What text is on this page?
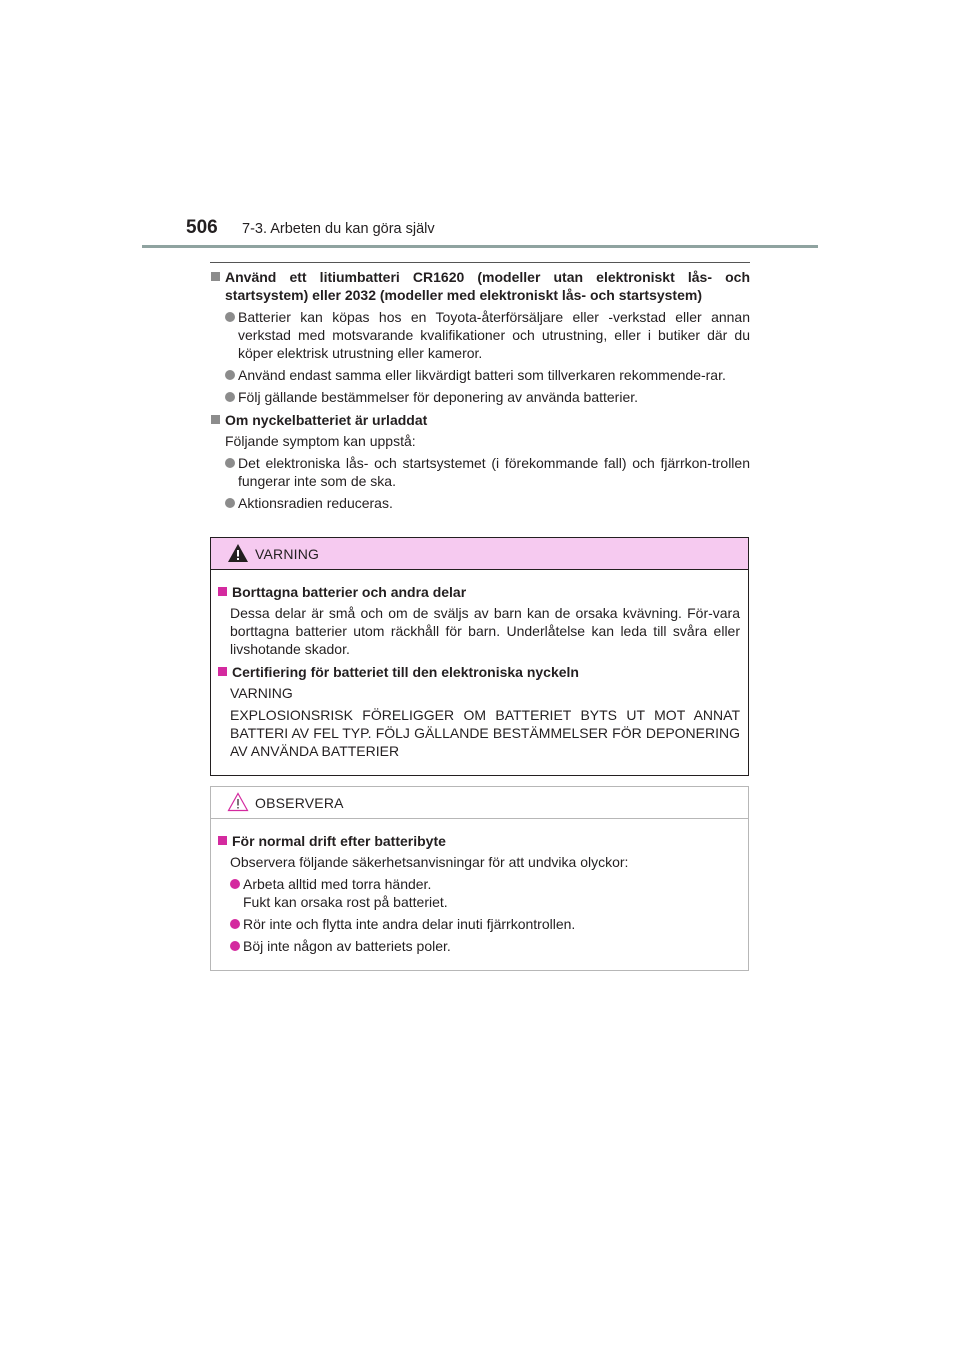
506 7-3. Arbeten du kan göra själv
Använd ett litiumbatteri CR1620 (modeller utan elektroniskt lås- och startsystem) eller 2032 (modeller med elektroniskt lås- och startsystem)
Batterier kan köpas hos en Toyota-återförsäljare eller -verkstad eller annan verkstad med motsvarande kvalifikationer och utrustning, eller i butiker där du köper elektrisk utrustning eller kameror.
Använd endast samma eller likvärdigt batteri som tillverkaren rekommende-rar.
Följ gällande bestämmelser för deponering av använda batterier.
Om nyckelbatteriet är urladdat
Följande symptom kan uppstå:
Det elektroniska lås- och startsystemet (i förekommande fall) och fjärrkon-trollen fungerar inte som de ska.
Aktionsradien reduceras.
VARNING
Borttagna batterier och andra delar
Dessa delar är små och om de sväljs av barn kan de orsaka kvävning. För-vara borttagna batterier utom räckhåll för barn. Underlåtelse kan leda till svåra eller livshotande skador.
Certifiering för batteriet till den elektroniska nyckeln
VARNING
EXPLOSIONSRISK FÖRELIGGER OM BATTERIET BYTS UT MOT ANNAT BATTERI AV FEL TYP. FÖLJ GÄLLANDE BESTÄMMELSER FÖR DEPONERING AV ANVÄNDA BATTERIER
OBSERVERA
För normal drift efter batteribyte
Observera följande säkerhetsanvisningar för att undvika olyckor:
Arbeta alltid med torra händer.
Fukt kan orsaka rost på batteriet.
Rör inte och flytta inte andra delar inuti fjärrkontrollen.
Böj inte någon av batteriets poler.
